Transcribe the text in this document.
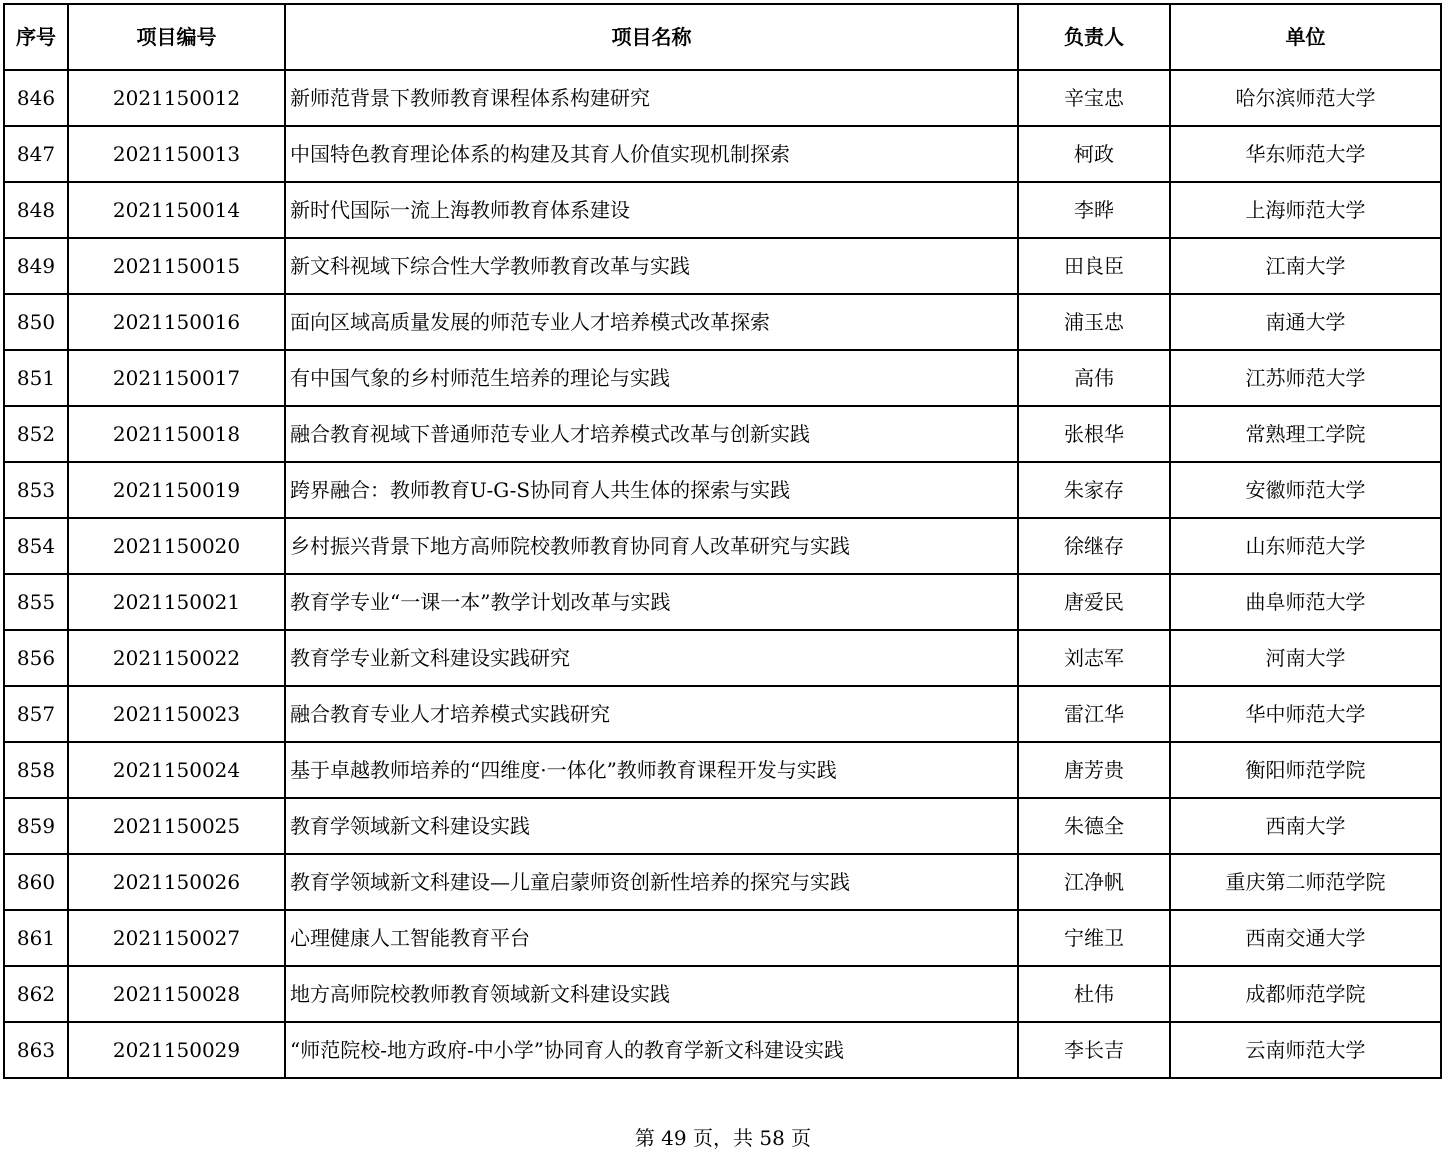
序号	项目编号	项目名称	负责人	单位
846	2021150012	新师范背景下教师教育课程体系构建研究	辛宝忠	哈尔滨师范大学
847	2021150013	中国特色教育理论体系的构建及其育人价值实现机制探索	柯政	华东师范大学
848	2021150014	新时代国际一流上海教师教育体系建设	李晔	上海师范大学
849	2021150015	新文科视域下综合性大学教师教育改革与实践	田良臣	江南大学
850	2021150016	面向区域高质量发展的师范专业人才培养模式改革探索	浦玉忠	南通大学
851	2021150017	有中国气象的乡村师范生培养的理论与实践	高伟	江苏师范大学
852	2021150018	融合教育视域下普通师范专业人才培养模式改革与创新实践	张根华	常熟理工学院
853	2021150019	跨界融合：教师教育U-G-S协同育人共生体的探索与实践	朱家存	安徽师范大学
854	2021150020	乡村振兴背景下地方高师院校教师教育协同育人改革研究与实践	徐继存	山东师范大学
855	2021150021	教育学专业“一课一本”教学计划改革与实践	唐爱民	曲阜师范大学
856	2021150022	教育学专业新文科建设实践研究	刘志军	河南大学
857	2021150023	融合教育专业人才培养模式实践研究	雷江华	华中师范大学
858	2021150024	基于卓越教师培养的“四维度·一体化”教师教育课程开发与实践	唐芳贵	衡阳师范学院
859	2021150025	教育学领域新文科建设实践	朱德全	西南大学
860	2021150026	教育学领域新文科建设—儿童启蒙师资创新性培养的探究与实践	江净帆	重庆第二师范学院
861	2021150027	心理健康人工智能教育平台	宁维卫	西南交通大学
862	2021150028	地方高师院校教师教育领域新文科建设实践	杜伟	成都师范学院
863	2021150029	“师范院校-地方政府-中小学”协同育人的教育学新文科建设实践	李长吉	云南师范大学
第 49 页，共 58 页
